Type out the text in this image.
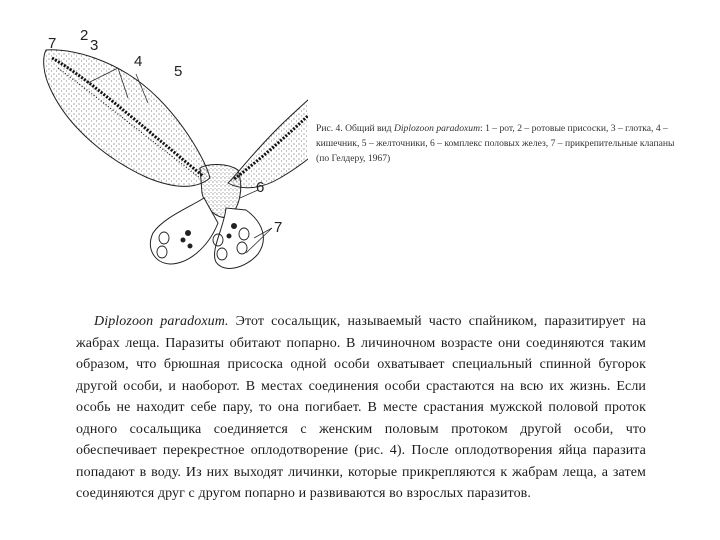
7 2
3
4
5
6
7
Рис. 4. Общий вид Diplozoon paradoxum: 1 – рот, 2 – ротовые присоски, 3 – глотка, 4 – кишечник, 5 – желточники, 6 – комплекс половых желез, 7 – прикрепительные клапаны (по Гелдеру, 1967)

Diplozoon paradoxum. Этот сосальщик, называемый часто спайником, паразитирует на жабрах леща. Паразиты обитают попарно. В личиночном возрасте они соединяются таким образом, что брюшная присоска одной особи охватывает специальный спинной бугорок другой особи, и наоборот. В местах соединения особи срастаются на всю их жизнь. Если особь не находит себе пару, то она погибает. В месте срастания мужской половой проток одного сосальщика соединяется с женским половым протоком другой особи, что обеспечивает перекрестное оплодотворение (рис. 4). После оплодотворения яйца паразита попадают в воду. Из них выходят личинки, которые прикрепляются к жабрам леща, а затем соединяются друг с другом попарно и развиваются во взрослых паразитов.
